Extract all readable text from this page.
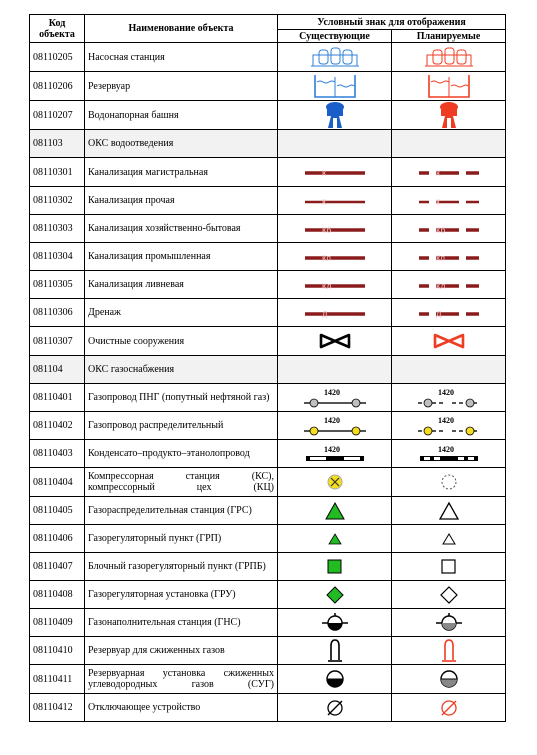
Код объекта	Наименование объекта	Условный знак для отображения	
		Существующие	Планируемые
08110205	Насосная станция	

08110206	Резервуар	

08110207	Водонапорная башня	

081103	ОКС водоотведения		
08110301	Канализация магистральная	К	К

08110302	Канализация прочая	К	К

08110303	Канализация хозяйственно-бытовая	Кб	Кб

08110304	Канализация промышленная	Кп	Кп

08110305	Канализация ливневая	Кл	Кл

08110306	Дренаж	Д	Д

08110307	Очистные сооружения	

081104	ОКС газоснабжения		
08110401	Газопровод ПНГ (попутный нефтяной газ)	1420	1420

08110402	Газопровод распределительный	1420	1420

08110403	Конденсато–продукто–этанолопровод	1420	1420

08110404	Компрессорная станция (КС), компрессорный цех (КЦ)	

08110405	Газораспределительная станция (ГРС)	

08110406	Газорегуляторный пункт (ГРП)	

08110407	Блочный газорегуляторный пункт (ГРПБ)	

08110408	Газорегуляторная установка (ГРУ)	

08110409	Газонаполнительная станция (ГНС)	

08110410	Резервуар для сжиженных газов	

08110411	Резервуарная установка сжиженных углеводородных газов (СУГ)	

08110412	Отключающее устройство	
